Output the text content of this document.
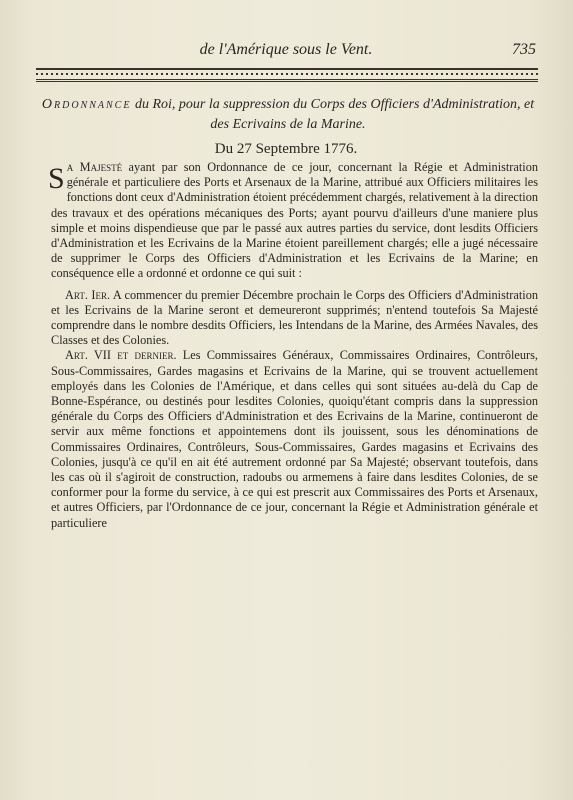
de l'Amérique sous le Vent.	735
Ordonnance du Roi, pour la suppression du Corps des Officiers d'Administration, et des Ecrivains de la Marine.
Du 27 Septembre 1776.

Sa Majesté ayant par son Ordonnance de ce jour, concernant la Régie et Administration générale et particuliere des Ports et Arsenaux de la Marine, attribué aux Officiers militaires les fonctions dont ceux d'Administration étoient précédemment chargés, relativement à la direction des travaux et des opérations mécaniques des Ports; ayant pourvu d'ailleurs d'une maniere plus simple et moins dispendieuse que par le passé aux autres parties du service, dont lesdits Officiers d'Administration et les Ecrivains de la Marine étoient pareillement chargés; elle a jugé nécessaire de supprimer le Corps des Officiers d'Administration et les Ecrivains de la Marine; en conséquence elle a ordonné et ordonne ce qui suit :

Art. Ier. A commencer du premier Décembre prochain le Corps des Officiers d'Administration et les Ecrivains de la Marine seront et demeureront supprimés; n'entend toutefois Sa Majesté comprendre dans le nombre desdits Officiers, les Intendans de la Marine, des Armées Navales, des Classes et des Colonies.

Art. VII et dernier. Les Commissaires Généraux, Commissaires Ordinaires, Contrôleurs, Sous-Commissaires, Gardes magasins et Ecrivains de la Marine, qui se trouvent actuellement employés dans les Colonies de l'Amérique, et dans celles qui sont situées au-delà du Cap de Bonne-Espérance, ou destinés pour lesdites Colonies, quoiqu'étant compris dans la suppression générale du Corps des Officiers d'Administration et des Ecrivains de la Marine, continueront de servir aux même fonctions et appointemens dont ils jouissent, sous les dénominations de Commissaires Ordinaires, Contrôleurs, Sous-Commissaires, Gardes magasins et Ecrivains des Colonies, jusqu'à ce qu'il en ait été autrement ordonné par Sa Majesté; observant toutefois, dans les cas où il s'agiroit de construction, radoubs ou armemens à faire dans lesdites Colonies, de se conformer pour la forme du service, à ce qui est prescrit aux Commissaires des Ports et Arsenaux, et autres Officiers, par l'Ordonnance de ce jour, concernant la Régie et Administration générale et particuliere
